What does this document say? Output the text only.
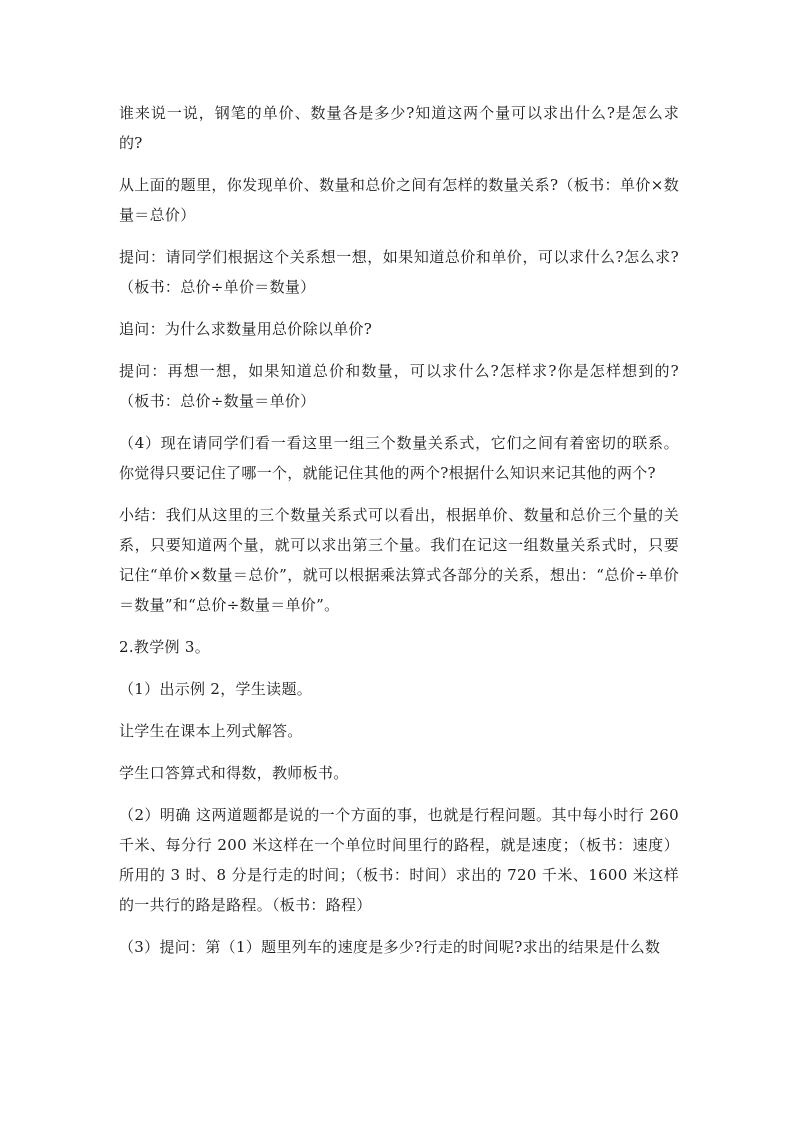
谁来说一说，钢笔的单价、数量各是多少?知道这两个量可以求出什么?是怎么求的?

从上面的题里，你发现单价、数量和总价之间有怎样的数量关系?（板书：单价×数量＝总价）

提问：请同学们根据这个关系想一想，如果知道总价和单价，可以求什么?怎么求?（板书：总价÷单价＝数量）

追问：为什么求数量用总价除以单价?

提问：再想一想，如果知道总价和数量，可以求什么?怎样求?你是怎样想到的?（板书：总价÷数量＝单价）

（4）现在请同学们看一看这里一组三个数量关系式，它们之间有着密切的联系。你觉得只要记住了哪一个，就能记住其他的两个?根据什么知识来记其他的两个?

小结：我们从这里的三个数量关系式可以看出，根据单价、数量和总价三个量的关系，只要知道两个量，就可以求出第三个量。我们在记这一组数量关系式时，只要记住“单价×数量＝总价”，就可以根据乘法算式各部分的关系，想出：“总价÷单价＝数量”和“总价÷数量＝单价”。

2.教学例 3。

（1）出示例 2，学生读题。

让学生在课本上列式解答。

学生口答算式和得数，教师板书。

（2）明确 这两道题都是说的一个方面的事，也就是行程问题。其中每小时行 260 千米、每分行 200 米这样在一个单位时间里行的路程，就是速度；（板书：速度）所用的 3 时、8 分是行走的时间；（板书：时间）求出的 720 千米、1600 米这样的一共行的路是路程。（板书：路程）

（3）提问：第（1）题里列车的速度是多少?行走的时间呢?求出的结果是什么数
